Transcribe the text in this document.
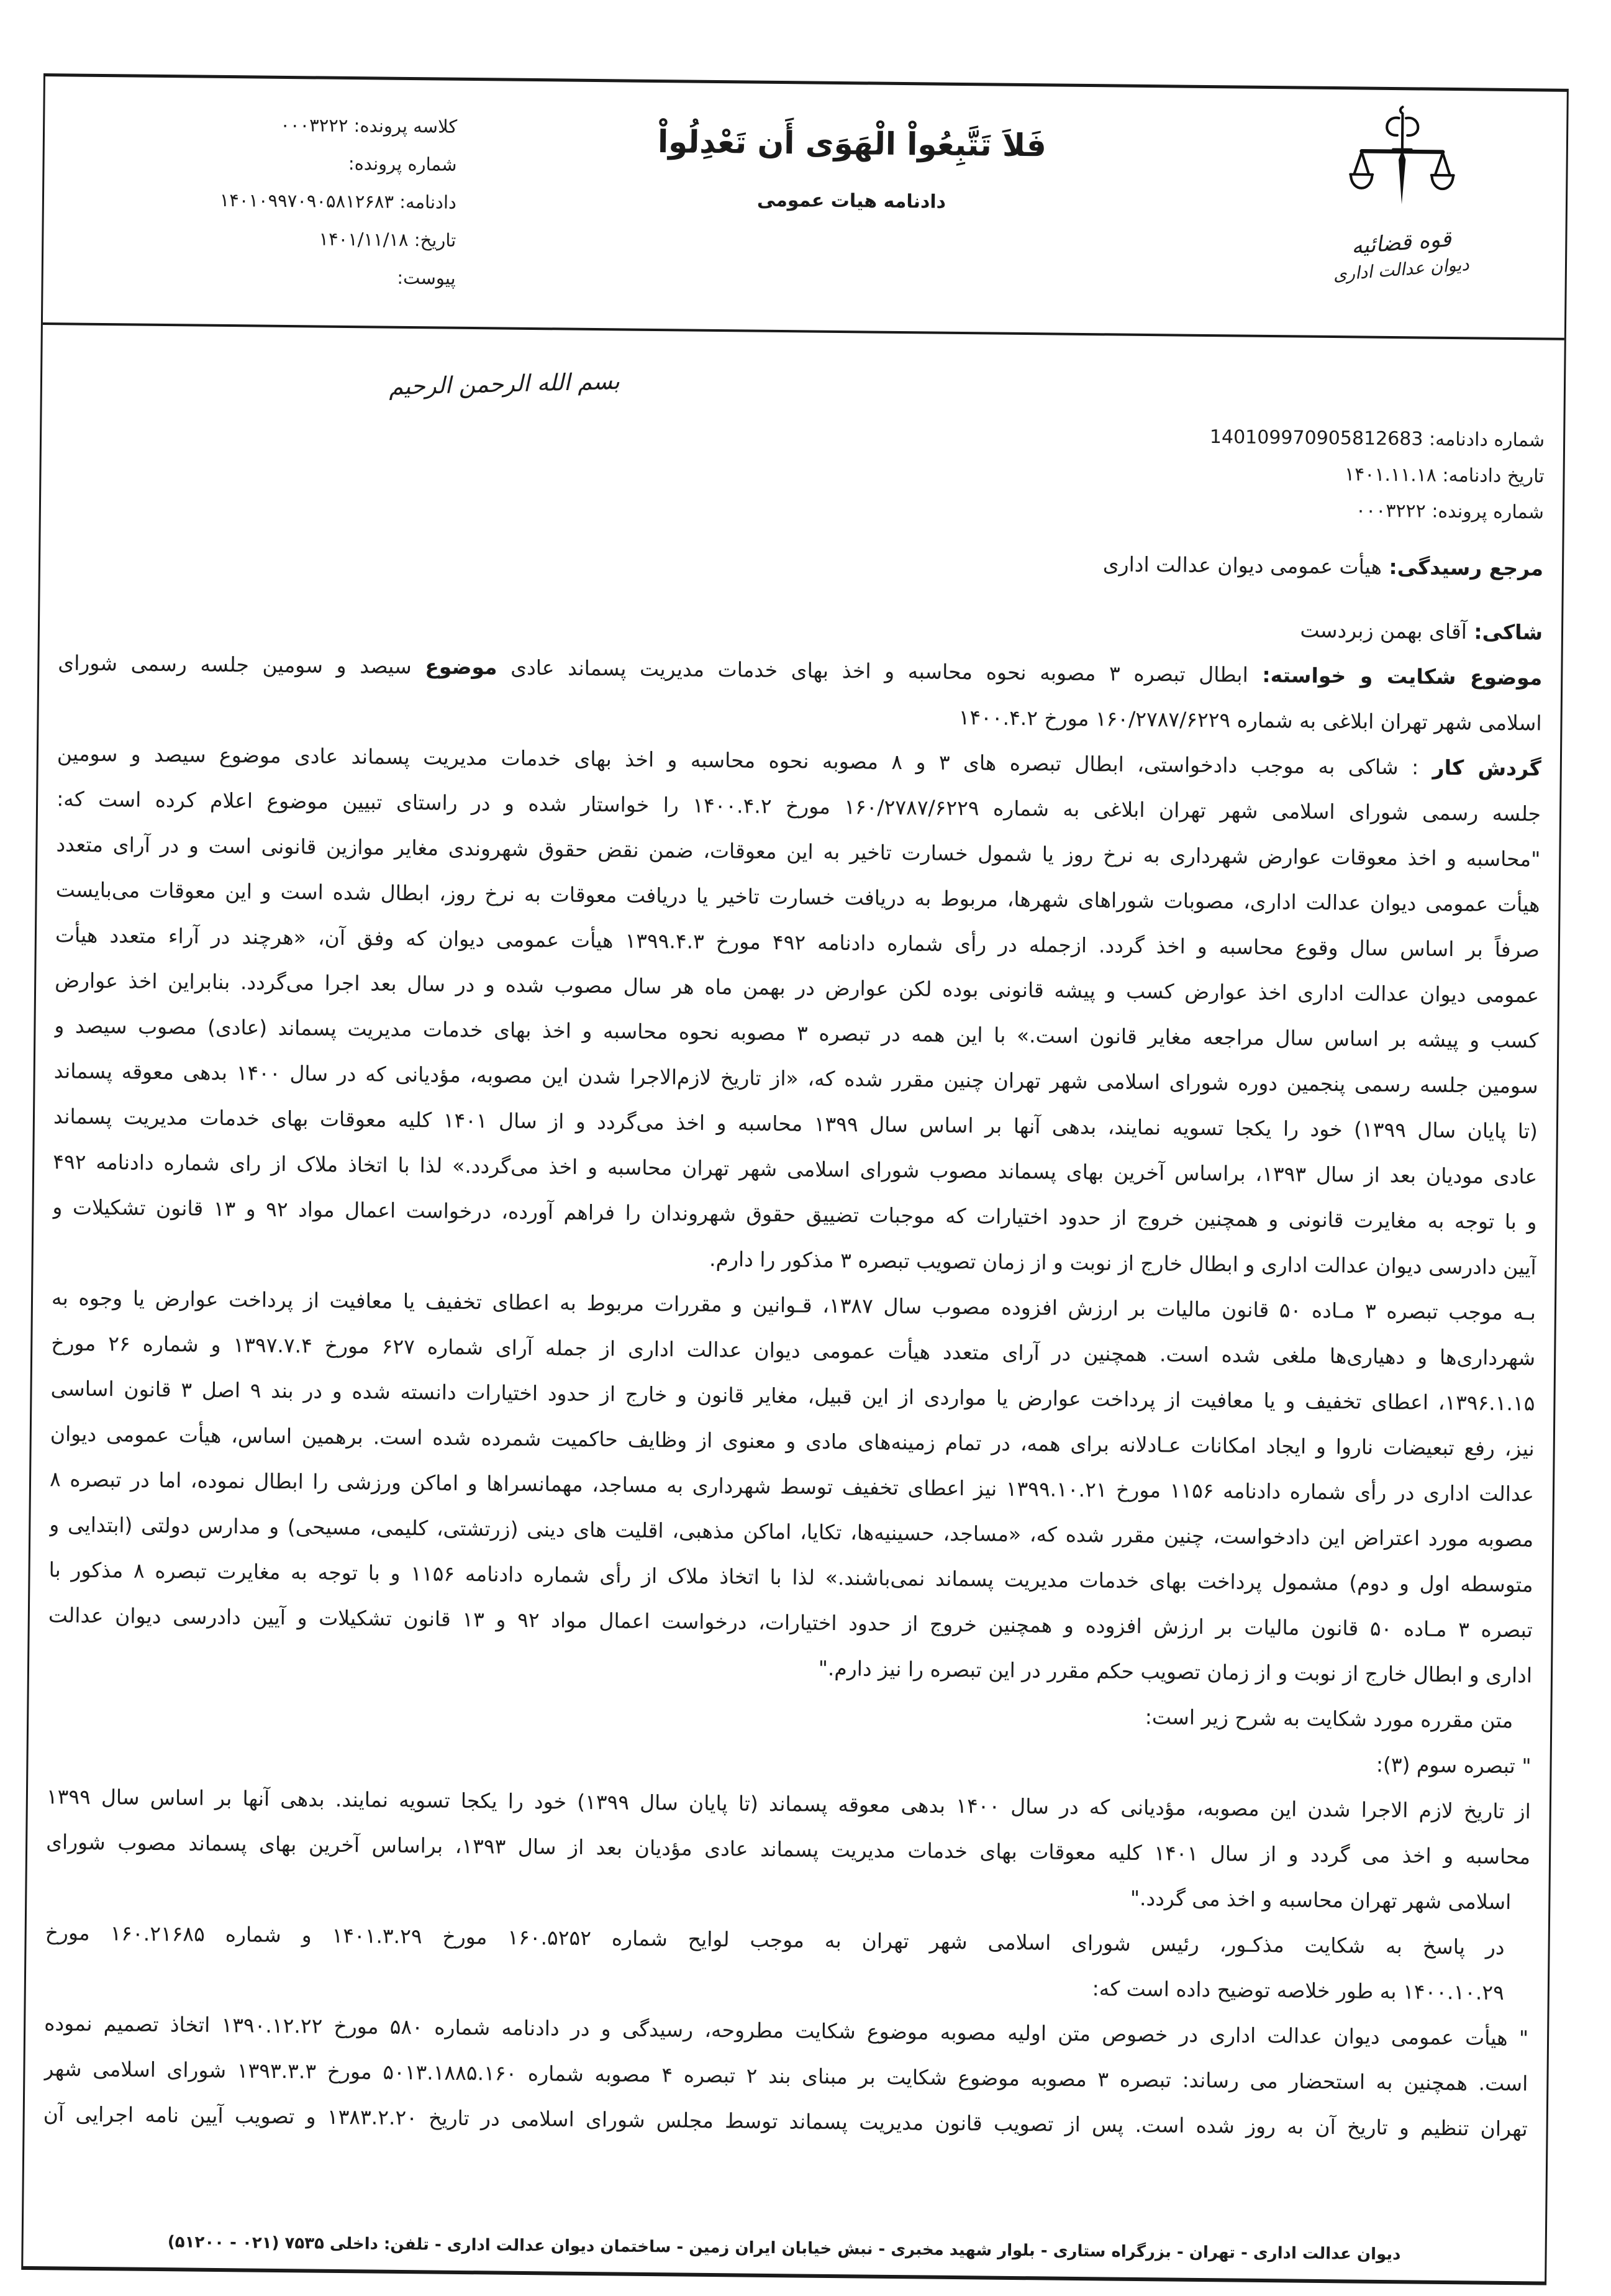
قوه قضائیه
دیوان عدالت اداری
فَلاَ تَتَّبِعُواْ الْهَوَى أَن تَعْدِلُواْ
دادنامه هیات عمومی
کلاسه پرونده: ۰۰۰۳۲۲۲
شماره پرونده:
دادنامه: ۱۴۰۱۰۹۹۷۰۹۰۵۸۱۲۶۸۳
تاریخ: ۱۴۰۱/۱۱/۱۸
پیوست:
بسم الله الرحمن الرحیم
شماره دادنامه: 140109970905812683
تاریخ دادنامه: ۱۴۰۱.۱۱.۱۸
شماره پرونده: ۰۰۰۳۲۲۲
مرجع رسیدگی: هیأت عمومی دیوان عدالت اداری
شاکی: آقای بهمن زبردست
موضوع شکایت و خواسته: ابطال تبصره ۳ مصوبه نحوه محاسبه و اخذ بهای خدمات مدیریت پسماند عادی موضوع سیصد و سومین جلسه رسمی شورای
اسلامی شهر تهران ابلاغی به شماره ۱۶۰/۲۷۸۷/۶۲۲۹ مورخ ۱۴۰۰.۴.۲
گردش کار : شاکی به موجب دادخواستی، ابطال تبصره های ۳ و ۸ مصوبه نحوه محاسبه و اخذ بهای خدمات مدیریت پسماند عادی موضوع سیصد و سومین
جلسه رسمی شورای اسلامی شهر تهران ابلاغی به شماره ۱۶۰/۲۷۸۷/۶۲۲۹ مورخ ۱۴۰۰.۴.۲ را خواستار شده و در راستای تبیین موضوع اعلام کرده است که:
"محاسبه و اخذ معوقات عوارض شهرداری به نرخ روز یا شمول خسارت تاخیر به این معوقات، ضمن نقض حقوق شهروندی مغایر موازین قانونی است و در آرای متعدد
هیأت عمومی دیوان عدالت اداری، مصوبات شوراهای شهرها، مربوط به دریافت خسارت تاخیر یا دریافت معوقات به نرخ روز، ابطال شده است و این معوقات می‌بایست
صرفاً بر اساس سال وقوع محاسبه و اخذ گردد. ازجمله در رأی شماره دادنامه ۴۹۲ مورخ ۱۳۹۹.۴.۳ هیأت عمومی دیوان که وفق آن، «هرچند در آراء متعدد هیأت
عمومی دیوان عدالت اداری اخذ عوارض کسب و پیشه قانونی بوده لکن عوارض در بهمن ماه هر سال مصوب شده و در سال بعد اجرا می‌گردد. بنابراین اخذ عوارض
کسب و پیشه بر اساس سال مراجعه مغایر قانون است.» با این همه در تبصره ۳ مصوبه نحوه محاسبه و اخذ بهای خدمات مدیریت پسماند (عادی) مصوب سیصد و
سومین جلسه رسمی پنجمین دوره شورای اسلامی شهر تهران چنین مقرر شده که، «از تاریخ لازم‌الاجرا شدن این مصوبه، مؤدیانی که در سال ۱۴۰۰ بدهی معوقه پسماند
(تا پایان سال ۱۳۹۹) خود را یکجا تسویه نمایند، بدهی آنها بر اساس سال ۱۳۹۹ محاسبه و اخذ می‌گردد و از سال ۱۴۰۱ کلیه معوقات بهای خدمات مدیریت پسماند
عادی مودیان بعد از سال ۱۳۹۳، براساس آخرین بهای پسماند مصوب شورای اسلامی شهر تهران محاسبه و اخذ می‌گردد.» لذا با اتخاذ ملاک از رای شماره دادنامه ۴۹۲
و با توجه به مغایرت قانونی و همچنین خروج از حدود اختیارات که موجبات تضییق حقوق شهروندان را فراهم آورده، درخواست اعمال مواد ۹۲ و ۱۳ قانون تشکیلات و
آیین دادرسی دیوان عدالت اداری و ابطال خارج از نوبت و از زمان تصویب تبصره ۳ مذکور را دارم.
بـه موجب تبصره ۳ مـاده ۵۰ قانون مالیات بر ارزش افزوده مصوب سال ۱۳۸۷، قـوانین و مقررات مربوط به اعطای تخفیف یا معافیت از پرداخت عوارض یا وجوه به
شهرداری‌ها و دهیاری‌ها ملغی شده است. همچنین در آرای متعدد هیأت عمومی دیوان عدالت اداری از جمله آرای شماره ۶۲۷ مورخ ۱۳۹۷.۷.۴ و شماره ۲۶ مورخ
۱۳۹۶.۱.۱۵، اعطای تخفیف و یا معافیت از پرداخت عوارض یا مواردی از این قبیل، مغایر قانون و خارج از حدود اختیارات دانسته شده و در بند ۹ اصل ۳ قانون اساسی
نیز، رفع تبعیضات ناروا و ایجاد امکانات عـادلانه برای همه، در تمام زمینه‌های مادی و معنوی از وظایف حاکمیت شمرده شده است. برهمین اساس، هیأت عمومی دیوان
عدالت اداری در رأی شماره دادنامه ۱۱۵۶ مورخ ۱۳۹۹.۱۰.۲۱ نیز اعطای تخفیف توسط شهرداری به مساجد، مهمانسراها و اماکن ورزشی را ابطال نموده، اما در تبصره ۸
مصوبه مورد اعتراض این دادخواست، چنین مقرر شده که، «مساجد، حسینیه‌ها، تکایا، اماکن مذهبی، اقلیت های دینی (زرتشتی، کلیمی، مسیحی) و مدارس دولتی (ابتدایی و
متوسطه اول و دوم) مشمول پرداخت بهای خدمات مدیریت پسماند نمی‌باشند.» لذا با اتخاذ ملاک از رأی شماره دادنامه ۱۱۵۶ و با توجه به مغایرت تبصره ۸ مذکور با
تبصره ۳ مـاده ۵۰ قانون مالیات بر ارزش افزوده و همچنین خروج از حدود اختیارات، درخواست اعمال مواد ۹۲ و ۱۳ قانون تشکیلات و آیین دادرسی دیوان عدالت
اداری و ابطال خارج از نوبت و از زمان تصویب حکم مقرر در این تبصره را نیز دارم."
متن مقرره مورد شکایت به شرح زیر است:
" تبصره سوم (۳):
از تاریخ لازم الاجرا شدن این مصوبه، مؤدیانی که در سال ۱۴۰۰ بدهی معوقه پسماند (تا پایان سال ۱۳۹۹) خود را یکجا تسویه نمایند. بدهی آنها بر اساس سال ۱۳۹۹
محاسبه و اخذ می گردد و از سال ۱۴۰۱ کلیه معوقات بهای خدمات مدیریت پسماند عادی مؤدیان بعد از سال ۱۳۹۳، براساس آخرین بهای پسماند مصوب شورای
اسلامی شهر تهران محاسبه و اخذ می گردد."
در پاسخ به شکایت مذکـور، رئیس شورای اسلامی شهر تهران به موجب لوایح شماره ۱۶۰.۵۲۵۲ مورخ ۱۴۰۱.۳.۲۹ و شماره ۱۶۰.۲۱۶۸۵ مورخ
۱۴۰۰.۱۰.۲۹ به طور خلاصه توضیح داده است که:
" هیأت عمومی دیوان عدالت اداری در خصوص متن اولیه مصوبه موضوع شکایت مطروحه، رسیدگی و در دادنامه شماره ۵۸۰ مورخ ۱۳۹۰.۱۲.۲۲ اتخاذ تصمیم نموده
است. همچنین به استحضار می رساند: تبصره ۳ مصوبه موضوع شکایت بر مبنای بند ۲ تبصره ۴ مصوبه شماره ۵۰۱۳.۱۸۸۵.۱۶۰ مورخ ۱۳۹۳.۳.۳ شورای اسلامی شهر
تهران تنظیم و تاریخ آن به روز شده است. پس از تصویب قانون مدیریت پسماند توسط مجلس شورای اسلامی در تاریخ ۱۳۸۳.۲.۲۰ و تصویب آیین نامه اجرایی آن
دیوان عدالت اداری - تهران - بزرگراه ستاری - بلوار شهید مخبری - نبش خیابان ایران زمین - ساختمان دیوان عدالت اداری - تلفن: داخلی ۷۵۳۵ (۰۲۱ - ۵۱۲۰۰)
